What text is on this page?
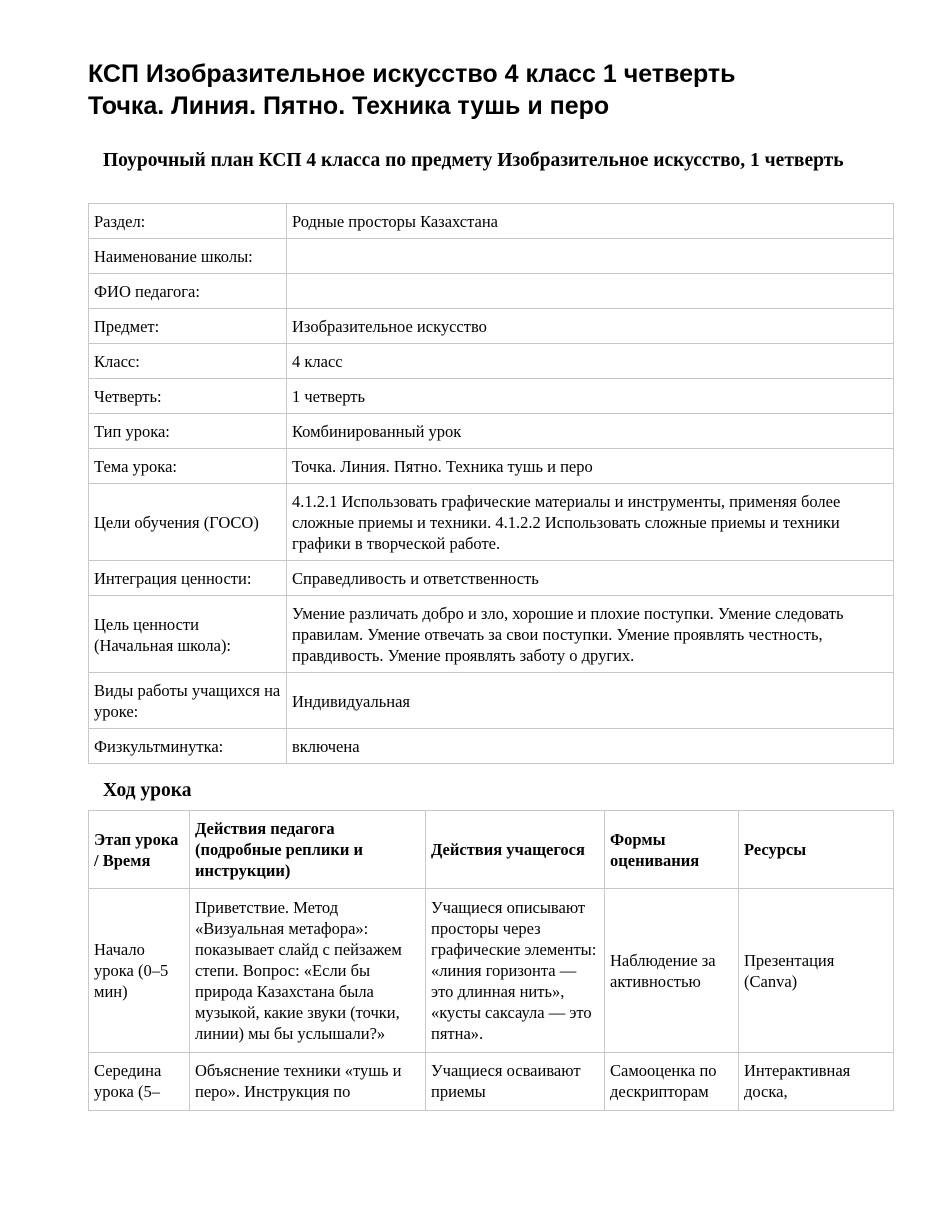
КСП Изобразительное искусство 4 класс 1 четверть
Точка. Линия. Пятно. Техника тушь и перо
Поурочный план КСП 4 класса по предмету Изобразительное искусство, 1 четверть
Раздел:	Родные просторы Казахстана
Наименование школы:	
ФИО педагога:	
Предмет:	Изобразительное искусство
Класс:	4 класс
Четверть:	1 четверть
Тип урока:	Комбинированный урок
Тема урока:	Точка. Линия. Пятно. Техника тушь и перо
Цели обучения (ГОСО)	4.1.2.1 Использовать графические материалы и инструменты, применяя более сложные приемы и техники. 4.1.2.2 Использовать сложные приемы и техники графики в творческой работе.
Интеграция ценности:	Справедливость и ответственность
Цель ценности (Начальная школа):	Умение различать добро и зло, хорошие и плохие поступки. Умение следовать правилам. Умение отвечать за свои поступки. Умение проявлять честность, правдивость. Умение проявлять заботу о других.
Виды работы учащихся на уроке:	Индивидуальная
Физкультминутка:	включена
Ход урока
Этап урока / Время	Действия педагога (подробные реплики и инструкции)	Действия учащегося	Формы оценивания	Ресурсы
Начало урока (0–5 мин)	Приветствие. Метод «Визуальная метафора»: показывает слайд с пейзажем степи. Вопрос: «Если бы природа Казахстана была музыкой, какие звуки (точки, линии) мы бы услышали?»	Учащиеся описывают просторы через графические элементы: «линия горизонта — это длинная нить», «кусты саксаула — это пятна».	Наблюдение за активностью	Презентация (Canva)
Середина урока (5–	Объяснение техники «тушь и перо». Инструкция по	Учащиеся осваивают приемы	Самооценка по дескрипторам	Интерактивная доска,
